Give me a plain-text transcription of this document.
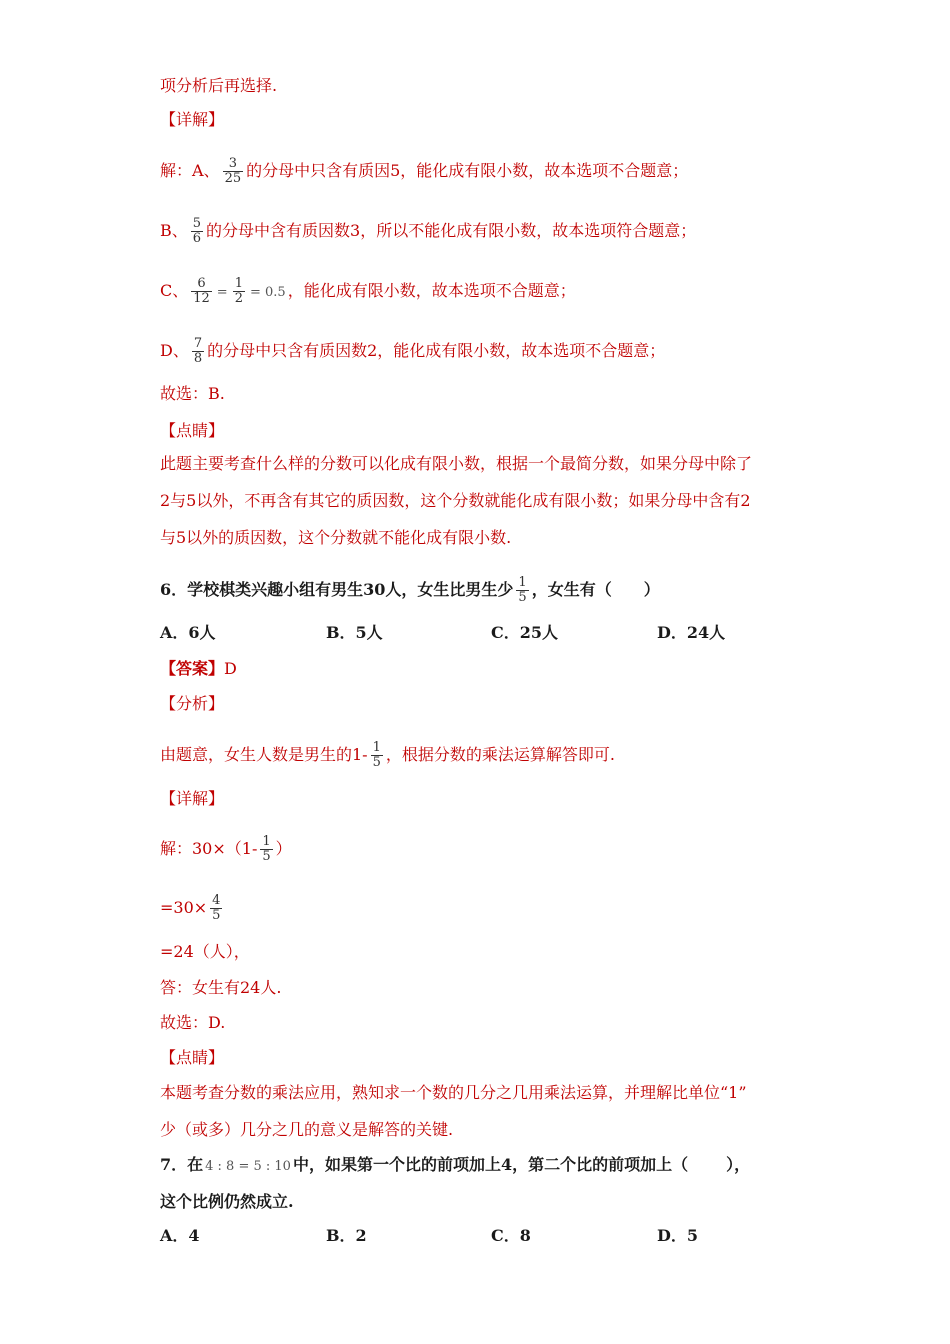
项分析后再选择.
【详解】
解：A、 $\frac{3}{25}$ 的分母中只含有质因5，能化成有限小数，故本选项不合题意；
B、 $\frac{5}{6}$ 的分母中含有质因数3，所以不能化成有限小数，故本选项符合题意；
C、 $\frac{6}{12} = \frac{1}{2} = 0.5$ ，能化成有限小数，故本选项不合题意；
D、 $\frac{7}{8}$ 的分母中只含有质因数2，能化成有限小数，故本选项不合题意；
故选：B.
【点睛】
此题主要考查什么样的分数可以化成有限小数，根据一个最简分数，如果分母中除了
2与5以外，不再含有其它的质因数，这个分数就能化成有限小数；如果分母中含有2
与5以外的质因数，这个分数就不能化成有限小数.
6．学校棋类兴趣小组有男生30人，女生比男生少 $\frac{1}{5}$ ，女生有（　　）
A．6人	B．5人	C．25人	D．24人
【答案】D
【分析】
由题意，女生人数是男生的$1- \frac{1}{5}$ ，根据分数的乘法运算解答即可.
【详解】
解：$30\times(1- \frac{1}{5}$ ）
$=30\times \frac{4}{5}$
=24（人），
答：女生有24人.
故选：D.
【点睛】
本题考查分数的乘法应用，熟知求一个数的几分之几用乘法运算，并理解比单位“1”
少（或多）几分之几的意义是解答的关键.
7．在 4 : 8 = 5 : 10 中，如果第一个比的前项加上4，第二个比的前项加上（ ），
这个比例仍然成立.
A．4	B．2	C．8	D．5
